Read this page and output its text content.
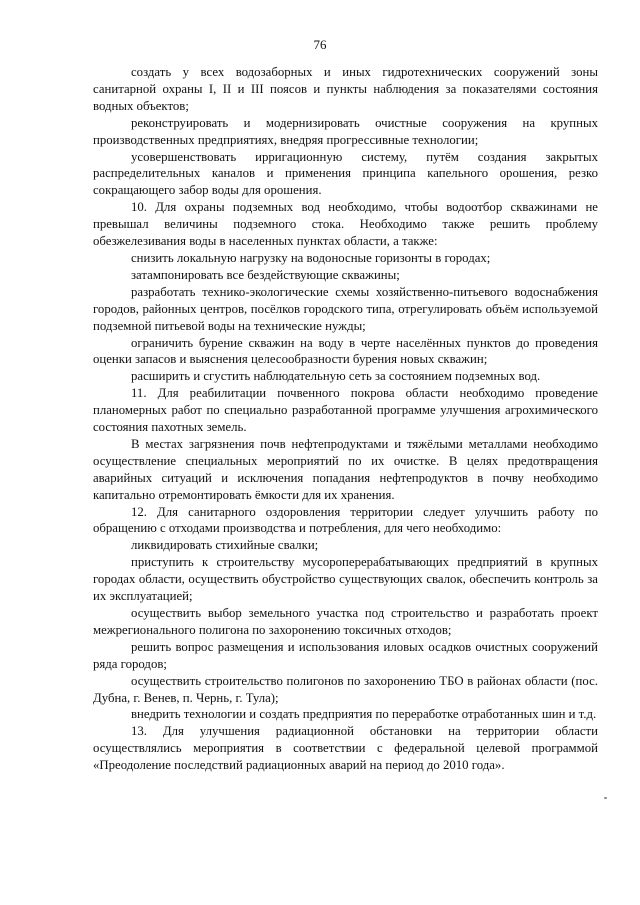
76

создать у всех водозаборных и иных гидротехнических сооружений зоны санитарной охраны I, II и III поясов и пункты наблюдения за показателями состояния водных объектов;

реконструировать и модернизировать очистные сооружения на крупных производственных предприятиях, внедряя прогрессивные технологии;

усовершенствовать ирригационную систему, путём создания закрытых распределительных каналов и применения принципа капельного орошения, резко сокращающего забор воды для орошения.

10. Для охраны подземных вод необходимо, чтобы водоотбор скважинами не превышал величины подземного стока. Необходимо также решить проблему обезжелезивания воды в населенных пунктах области, а также:

снизить локальную нагрузку на водоносные горизонты в городах;

затампонировать все бездействующие скважины;

разработать технико-экологические схемы хозяйственно-питьевого водоснабжения городов, районных центров, посёлков городского типа, отрегулировать объём используемой подземной питьевой воды на технические нужды;

ограничить бурение скважин на воду в черте населённых пунктов до проведения оценки запасов и выяснения целесообразности бурения новых скважин;

расширить и сгустить наблюдательную сеть за состоянием подземных вод.

11. Для реабилитации почвенного покрова области необходимо проведение планомерных работ по специально разработанной программе улучшения агрохимического состояния пахотных земель.

В местах загрязнения почв нефтепродуктами и тяжёлыми металлами необходимо осуществление специальных мероприятий по их очистке. В целях предотвращения аварийных ситуаций и исключения попадания нефтепродуктов в почву необходимо капитально отремонтировать ёмкости для их хранения.

12. Для санитарного оздоровления территории следует улучшить работу по обращению с отходами производства и потребления, для чего необходимо:

ликвидировать стихийные свалки;

приступить к строительству мусороперерабатывающих предприятий в крупных городах области, осуществить обустройство существующих свалок, обеспечить контроль за их эксплуатацией;

осуществить выбор земельного участка под строительство и разработать проект межрегионального полигона по захоронению токсичных отходов;

решить вопрос размещения и использования иловых осадков очистных сооружений ряда городов;

осуществить строительство полигонов по захоронению ТБО в районах области (пос. Дубна, г. Венев, п. Чернь, г. Тула);

внедрить технологии и создать предприятия по переработке отработанных шин и т.д.

13. Для улучшения радиационной обстановки на территории области осуществлялись мероприятия в соответствии с федеральной целевой программой «Преодоление последствий радиационных аварий на период до 2010 года».
